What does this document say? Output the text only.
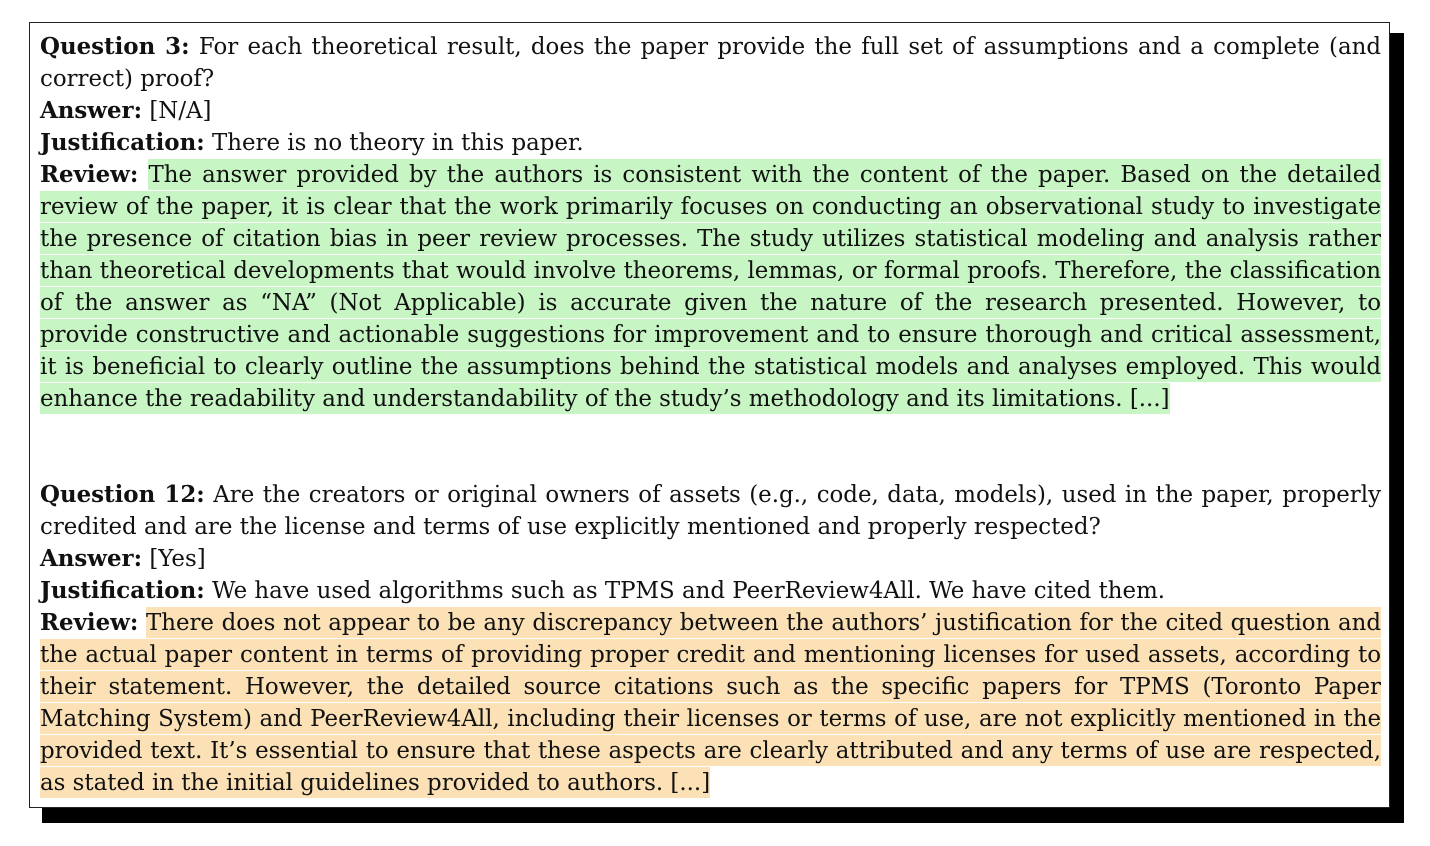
Question 3: For each theoretical result, does the paper provide the full set of assumptions and a complete (and correct) proof?

Answer: [N/A]

Justification: There is no theory in this paper.

Review: The answer provided by the authors is consistent with the content of the paper. Based on the detailed review of the paper, it is clear that the work primarily focuses on conducting an observational study to investigate the presence of citation bias in peer review processes. The study utilizes statistical modeling and analysis rather than theoretical developments that would involve theorems, lemmas, or formal proofs. Therefore, the classification of the answer as “NA” (Not Applicable) is accurate given the nature of the research presented. However, to provide constructive and actionable suggestions for improvement and to ensure thorough and critical assessment, it is beneficial to clearly outline the assumptions behind the statistical models and analyses employed. This would enhance the readability and understandability of the study’s methodology and its limitations. [...]

Question 12: Are the creators or original owners of assets (e.g., code, data, models), used in the paper, properly credited and are the license and terms of use explicitly mentioned and properly respected?

Answer: [Yes]

Justification: We have used algorithms such as TPMS and PeerReview4All. We have cited them.

Review: There does not appear to be any discrepancy between the authors’ justification for the cited question and the actual paper content in terms of providing proper credit and mentioning licenses for used assets, according to their statement. However, the detailed source citations such as the specific papers for TPMS (Toronto Paper Matching System) and PeerReview4All, including their licenses or terms of use, are not explicitly mentioned in the provided text. It’s essential to ensure that these aspects are clearly attributed and any terms of use are respected, as stated in the initial guidelines provided to authors. [...]
